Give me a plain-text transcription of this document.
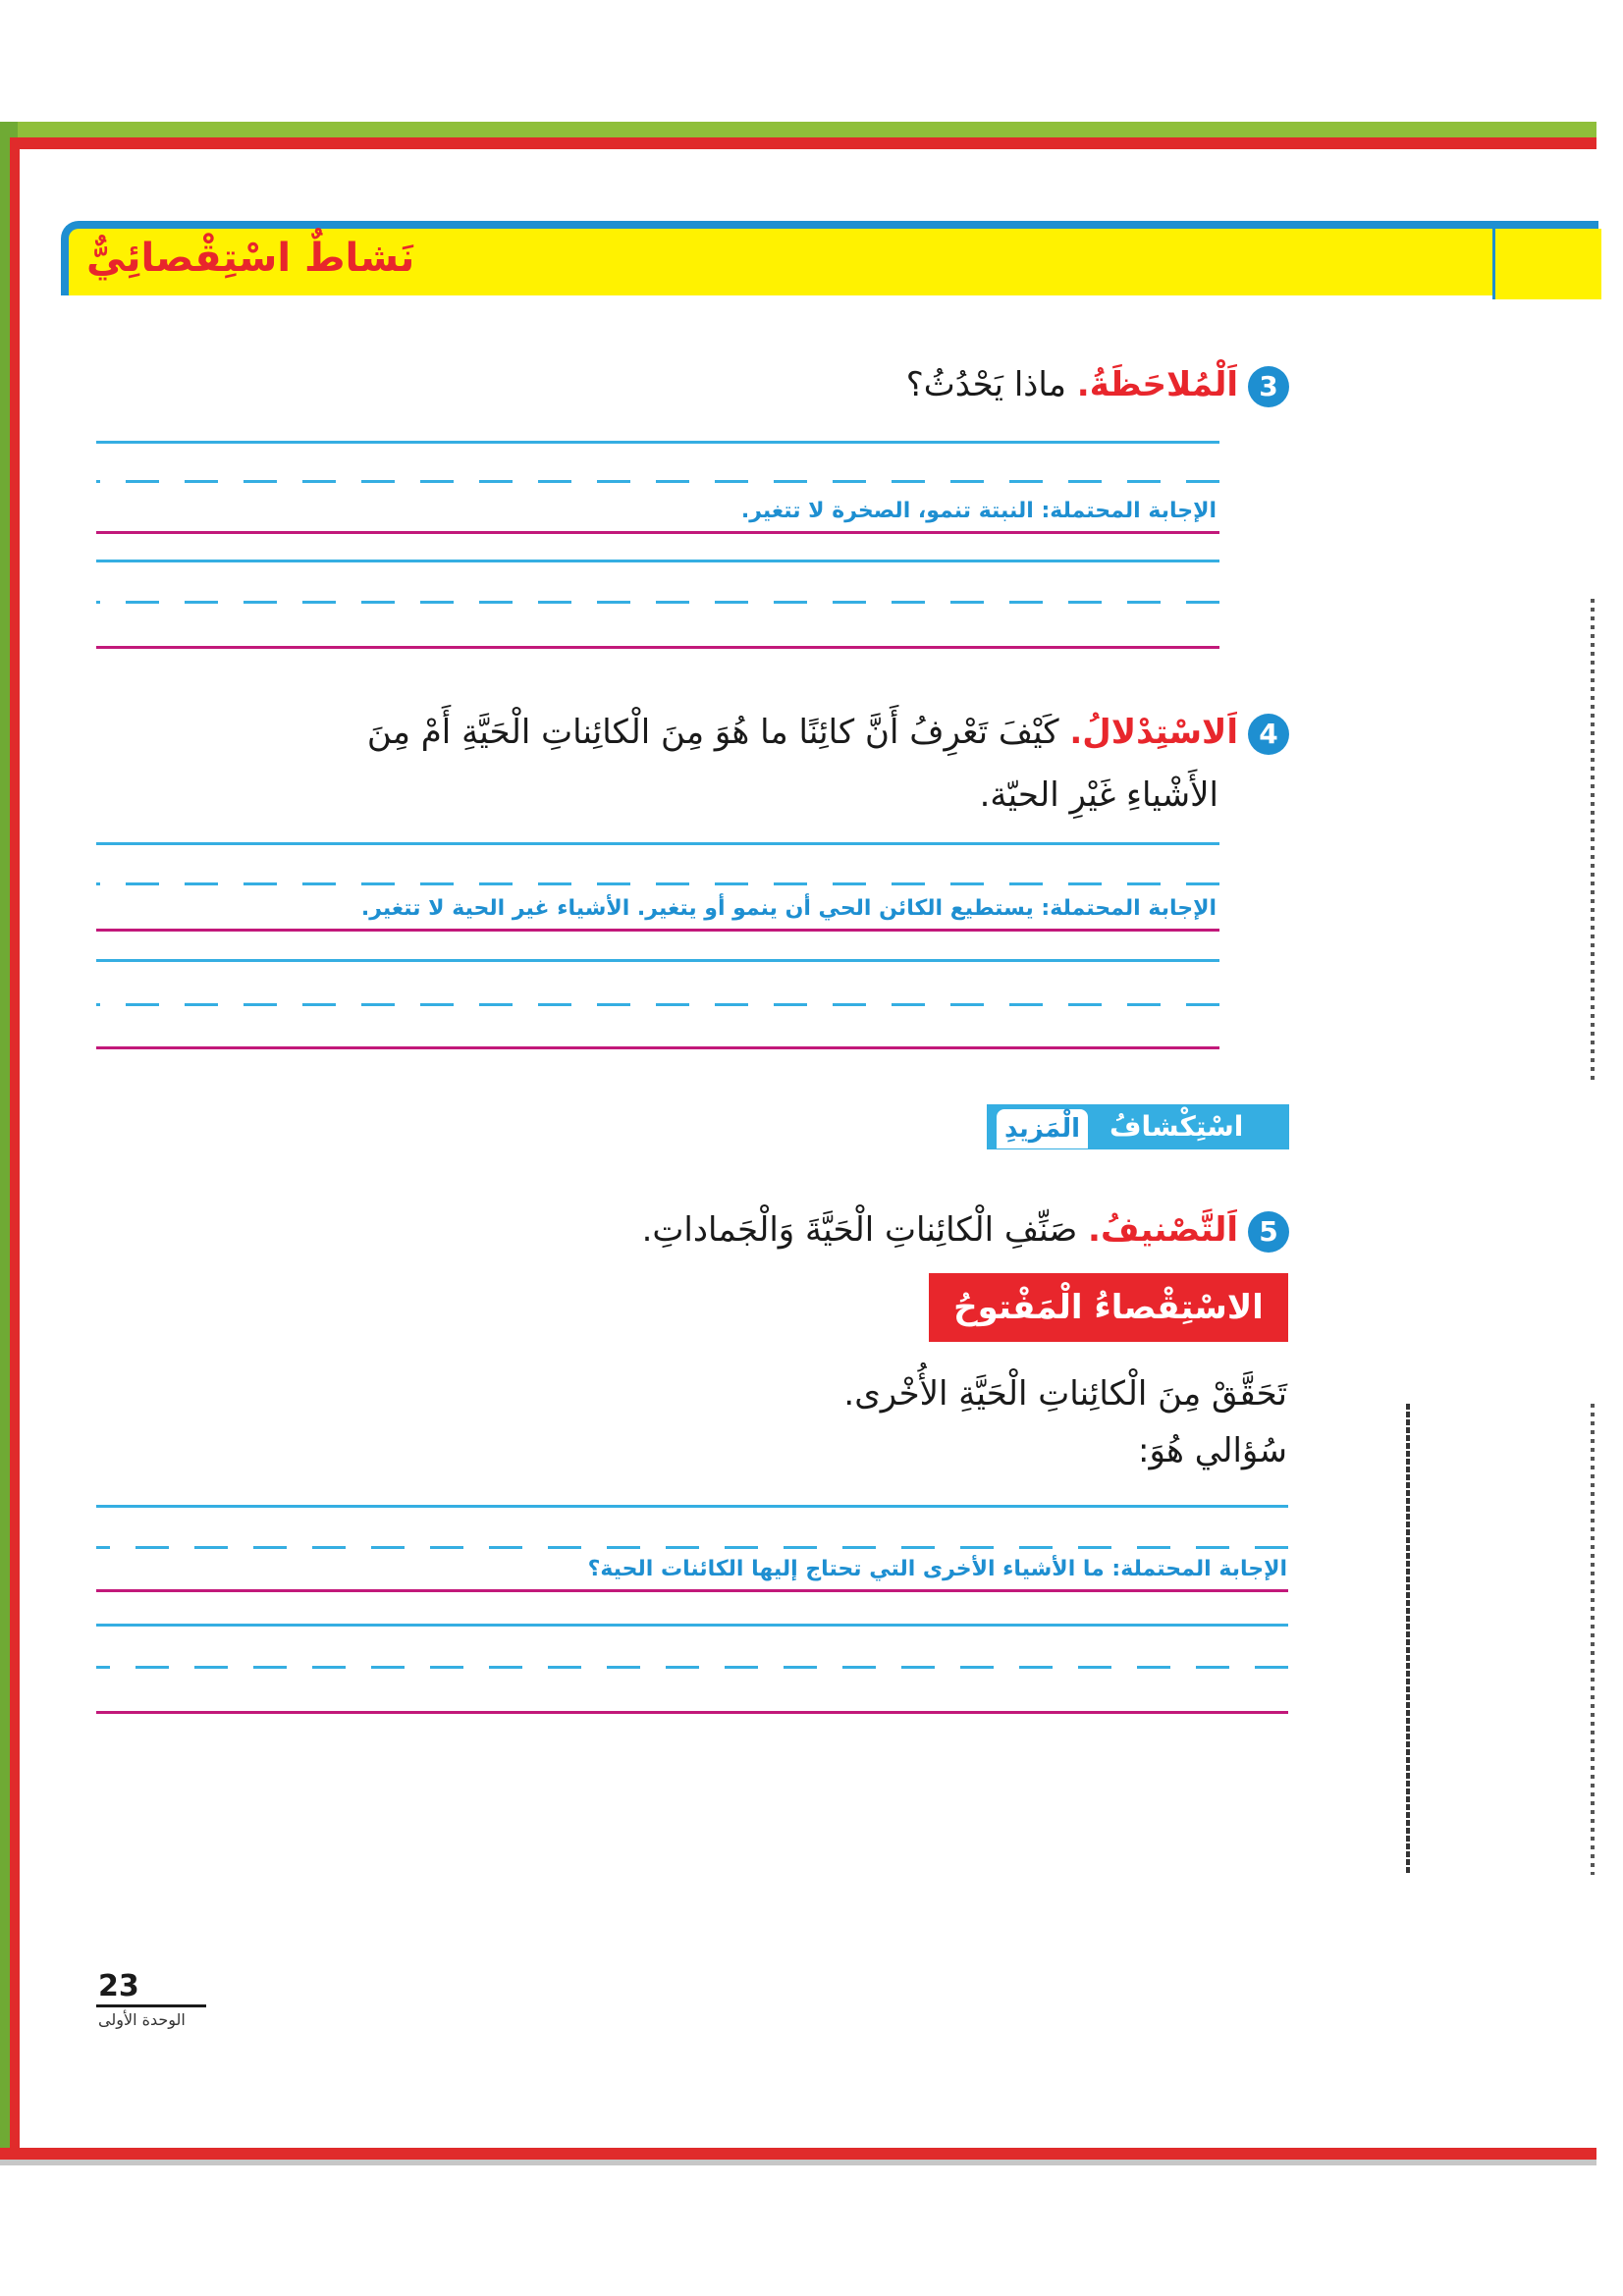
نَشاطٌ اسْتِقْصائِيٌّ
3اَلْمُلاحَظَةُ. ماذا يَحْدُثُ؟
الإجابة المحتملة: النبتة تنمو، الصخرة لا تتغير.
4اَلاسْتِدْلالُ. كَيْفَ تَعْرِفُ أَنَّ كائِنًا ما هُوَ مِنَ الْكائِناتِ الْحَيَّةِ أَمْ مِنَ
الأَشْياءِ غَيْرِ الحيّة.
الإجابة المحتملة: يستطيع الكائن الحي أن ينمو أو يتغير. الأشياء غير الحية لا تتغير.
اسْتِكْشافُ
الْمَزيدِ
5اَلتَّصْنيفُ. صَنِّفِ الْكائِناتِ الْحَيَّةَ وَالْجَماداتِ.
الاسْتِقْصاءُ الْمَفْتوحُ
تَحَقَّقْ مِنَ الْكائِناتِ الْحَيَّةِ الأُخْرى.
سُؤالي هُوَ:
الإجابة المحتملة: ما الأشياء الأخرى التي تحتاج إليها الكائنات الحية؟
23
الوحدة الأولى
